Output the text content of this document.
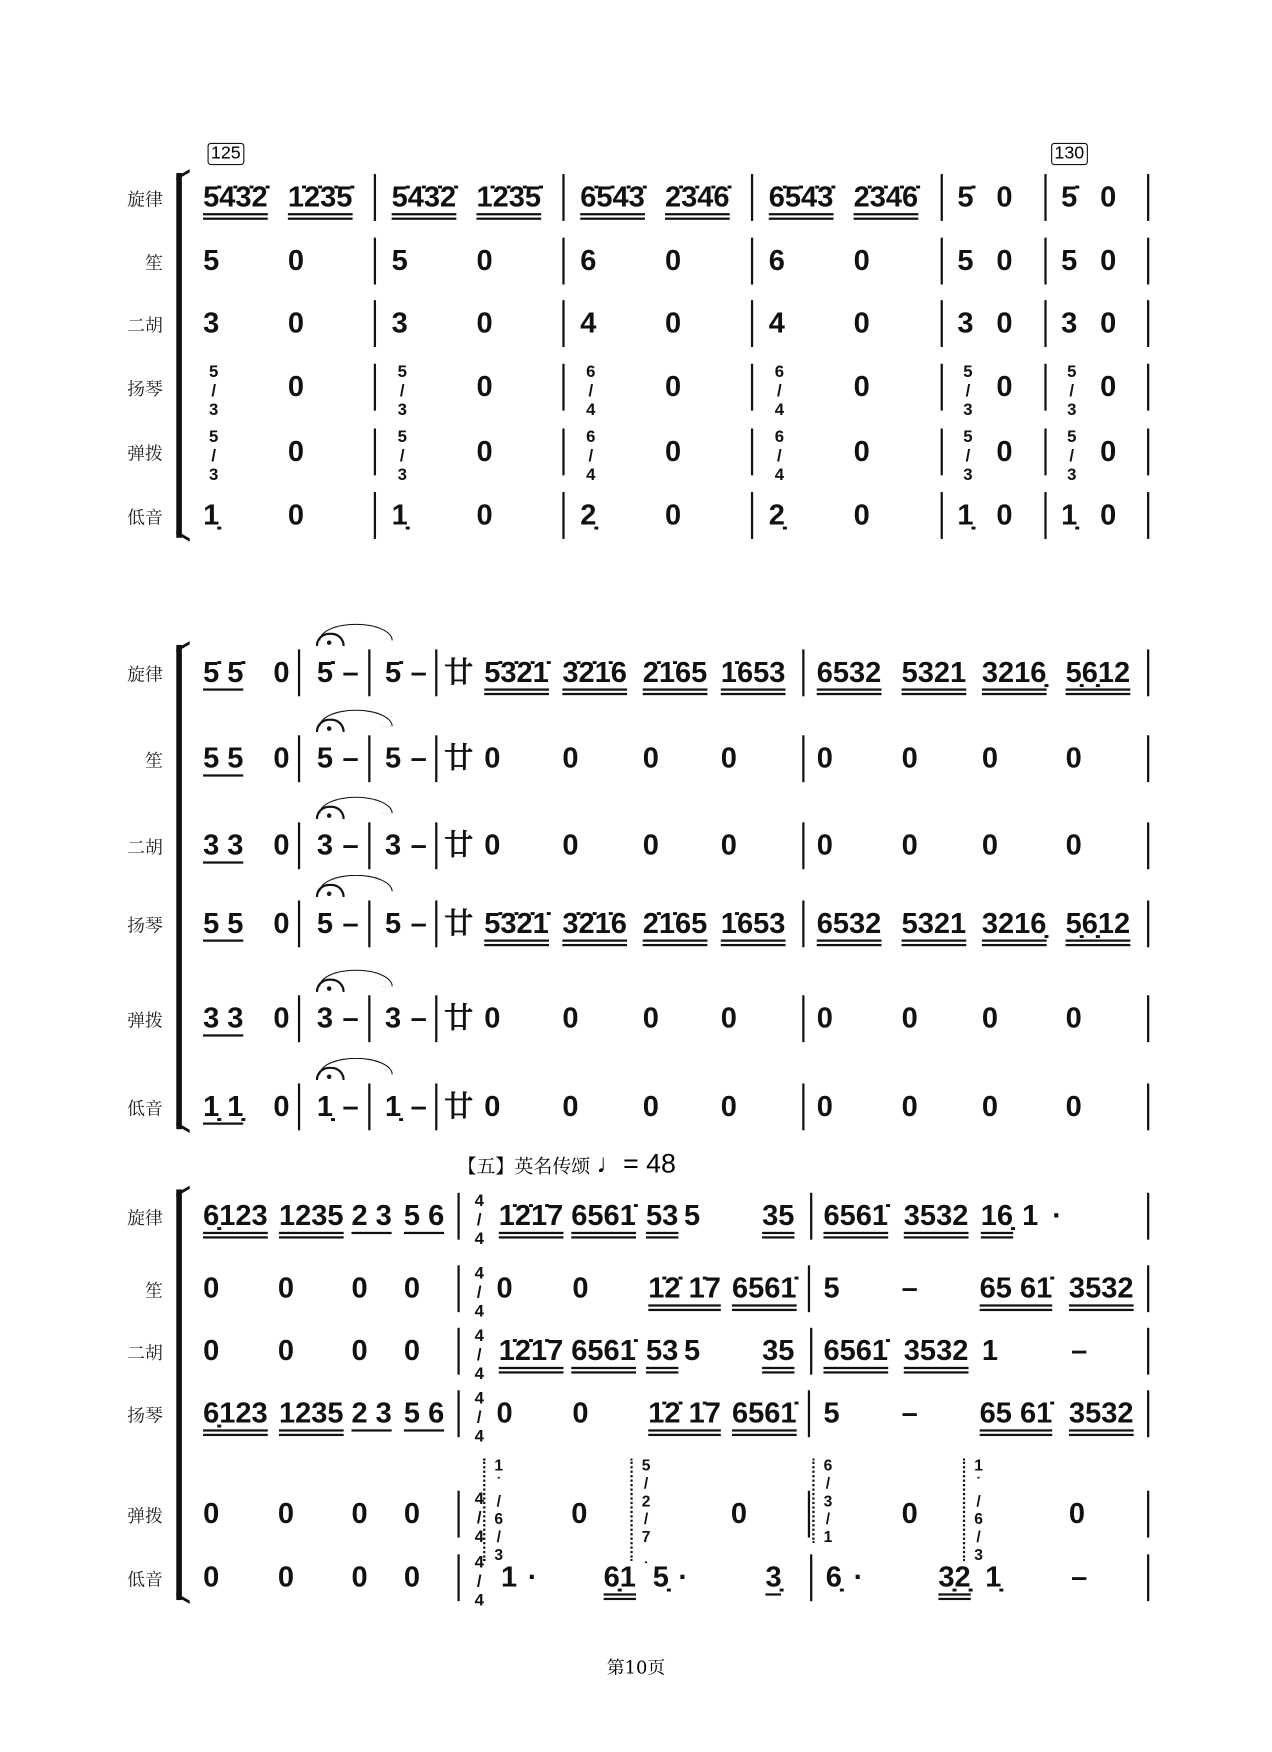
125	130
【五】英名传颂 ♩= 48
第10页
旋律 5̇4̇3̇2̇ 1̇2̇3̇5̇ 5̇4̇3̇2̇ 1̇2̇3̇5̇ 6̇5̇4̇3̇ 2̇3̇4̇6̇ 6̇5̇4̇3̇ 2̇3̇4̇6̇ 5̇ 0 5̇ 0
笙 5	0	5	0	6	0	6	0	5 0 5 0
二胡 3	0	3	0	4	0	4	0	3 0 3 0
扬琴	5/3 0	5/3 0	6/4 0	6/4 0	5/3 0	5/3 0
弹拨	5/3 0	5/3 0	6/4 0	6/4 0	5/3 0	5/3 0
低音 1̣	0	1̣	0	2̣	0	2̣	0	1̣ 0 1̣ 0
旋律 5̇ 5̇ 0 5̇ – 5̇ – 廿 5̇3̇2̇1̇ 3̇2̇1̇6 2̇1̇65 1̇653 6532 5321 3216̣ 5̣6̣12
笙 5 5 0 5 – 5 – 廿 0 0 0 0	0	0 0	0
二胡 3 3 0 3 – 3 – 廿 0 0 0 0	0	0 0	0
扬琴 5 5 0 5 – 5 – 廿 5̇3̇2̇1̇ 3̇2̇1̇6 2̇1̇65 1̇653 6532 5321 3216̣ 5̣6̣12
弹拨 3 3 0 3 – 3 – 廿 0 0 0 0	0	0 0	0
低音 1̣ 1̣ 0 1̣ – 1̣ – 廿 0 0 0 0	0	0 0	0
旋律 6̣123 1235 2 3 5 6 4/4 1̇2̇1̇7 6561̇ 53 5 35 6561̇ 3532 16̣ 1 ·
笙 0 0 0 0	4/4 0 0 1̇2̇ 1̇7 6561̇ 5 – 65 61̇ 3532
二胡 0 0 0 0	4/4 1̇2̇1̇7 6561̇ 53 5 35 6561̇ 3532 1	–
扬琴 6̣123 1235 2 3 5 6 4/4 0 0 1̇2̇ 1̇7 6561̇ 5 – 65 61̇ 3532
弹拨 0 0 0 0	4/4 1̇/6/3 0	5/2/7̣	0	6/3/1 0	1̇/6/3	0
低音 0 0 0 0	4/4 1 ·	6̣1 5̣ ·	3̣ 6̣ ·	3̣2̣ 1̣	–
